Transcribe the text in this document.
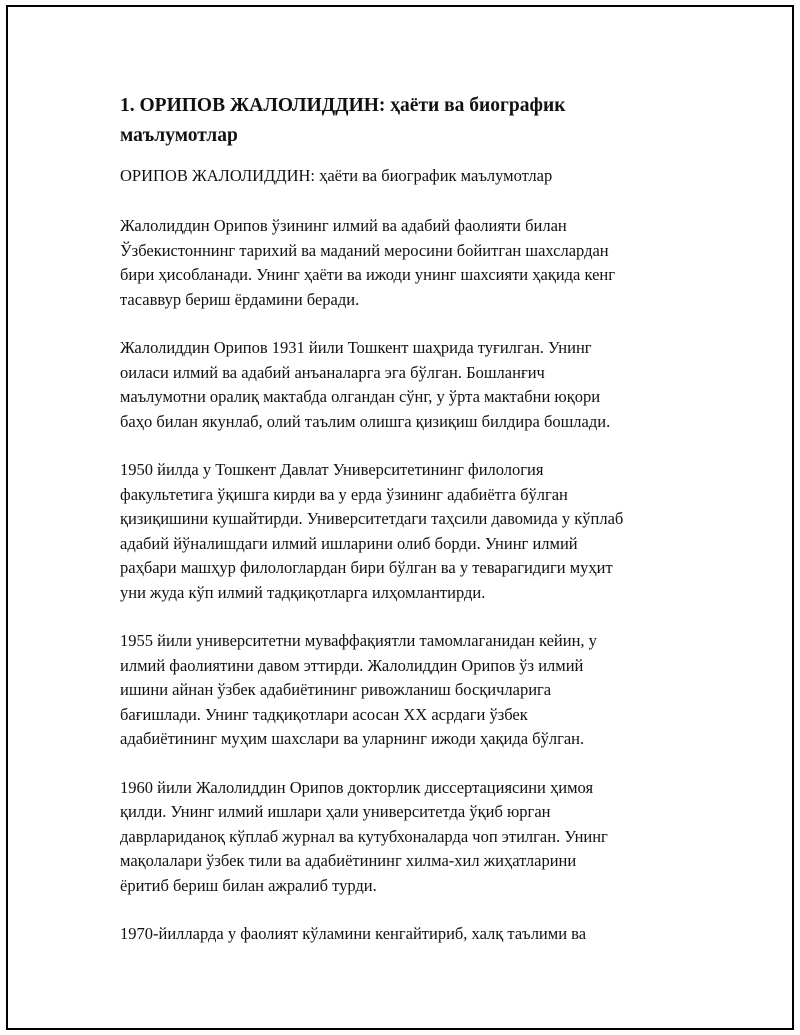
1. ОРИПОВ ЖАЛОЛИДДИН: ҳаёти ва биографик
маълумотлар
ОРИПОВ ЖАЛОЛИДДИН: ҳаёти ва биографик маълумотлар
Жалолиддин Орипов ўзининг илмий ва адабий фаолияти билан
Ўзбекистоннинг тарихий ва маданий меросини бойитган шахслардан
бири ҳисобланади. Унинг ҳаёти ва ижоди унинг шахсияти ҳақида кенг
тасаввур бериш ёрдамини беради.
Жалолиддин Орипов 1931 йили Тошкент шаҳрида туғилган. Унинг
оиласи илмий ва адабий анъаналарга эга бўлган. Бошланғич
маълумотни оралиқ мактабда олгандан сўнг, у ўрта мактабни юқори
баҳо билан якунлаб, олий таълим олишга қизиқиш билдира бошлади.
1950 йилда у Тошкент Давлат Университетининг филология
факультетига ўқишга кирди ва у ерда ўзининг адабиётга бўлган
қизиқишини кушайтирди. Университетдаги таҳсили давомида у кўплаб
адабий йўналишдаги илмий ишларини олиб борди. Унинг илмий
раҳбари машҳур филологлардан бири бўлган ва у теварагидиги муҳит
уни жуда кўп илмий тадқиқотларга илҳомлантирди.
1955 йили университетни муваффақиятли тамомлаганидан кейин, у
илмий фаолиятини давом эттирди. Жалолиддин Орипов ўз илмий
ишини айнан ўзбек адабиётининг ривожланиш босқичларига
бағишлади. Унинг тадқиқотлари асосан XX асрдаги ўзбек
адабиётининг муҳим шахслари ва уларнинг ижоди ҳақида бўлган.
1960 йили Жалолиддин Орипов докторлик диссертациясини ҳимоя
қилди. Унинг илмий ишлари ҳали университетда ўқиб юрган
даврлариданоқ кўплаб журнал ва кутубхоналарда чоп этилган. Унинг
мақолалари ўзбек тили ва адабиётининг хилма-хил жиҳатларини
ёритиб бериш билан ажралиб турди.
1970-йилларда у фаолият кўламини кенгайтириб, халқ таълими ва
